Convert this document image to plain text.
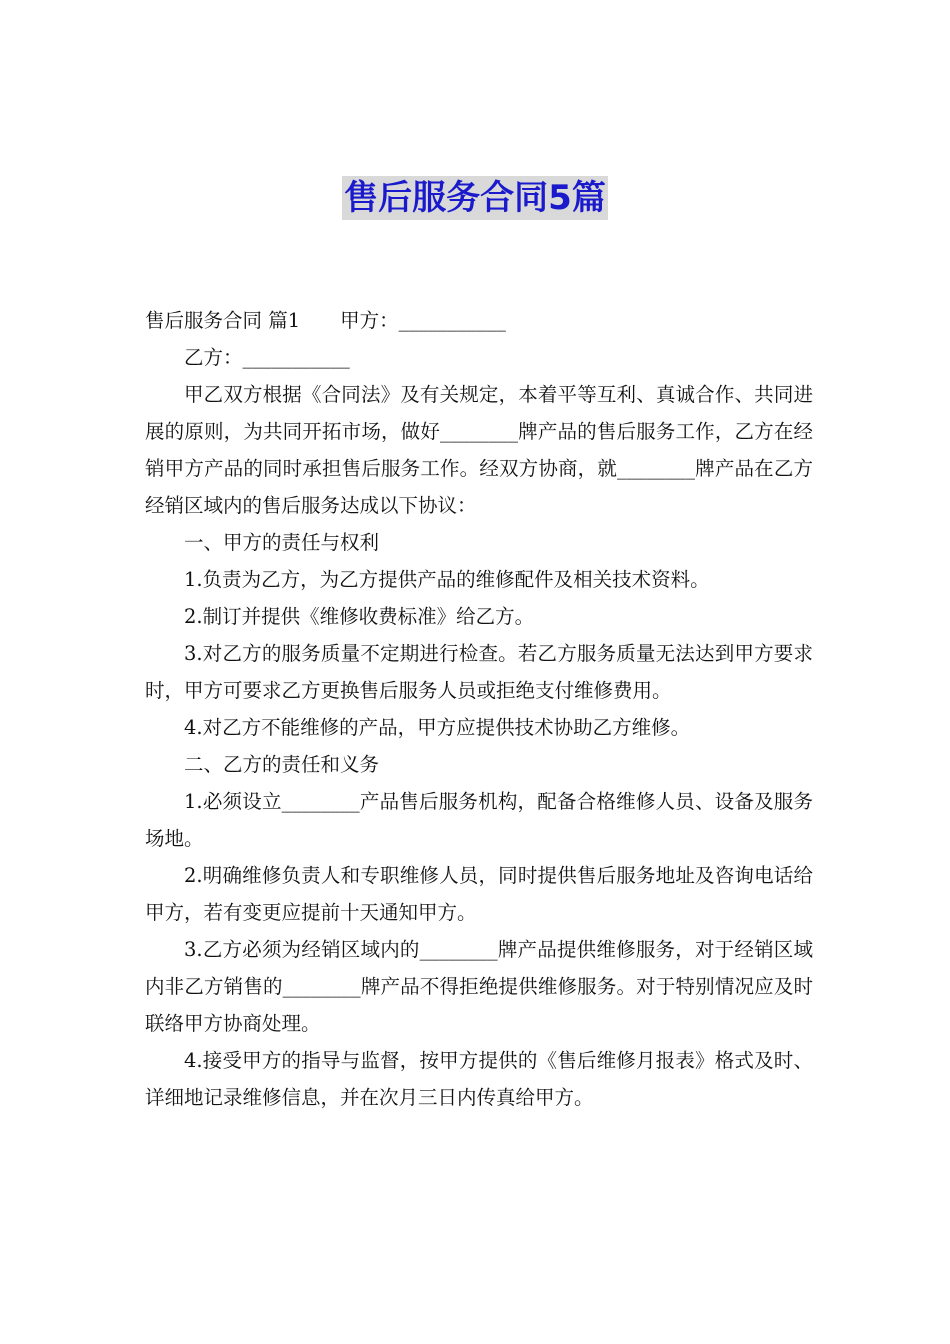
售后服务合同5篇

售后服务合同 篇1 甲方：___________

乙方：___________

甲乙双方根据《合同法》及有关规定，本着平等互利、真诚合作、共同进展的原则，为共同开拓市场，做好________牌产品的售后服务工作，乙方在经销甲方产品的同时承担售后服务工作。经双方协商，就________牌产品在乙方经销区域内的售后服务达成以下协议：

一、甲方的责任与权利

1.负责为乙方，为乙方提供产品的维修配件及相关技术资料。

2.制订并提供《维修收费标准》给乙方。

3.对乙方的服务质量不定期进行检查。若乙方服务质量无法达到甲方要求时，甲方可要求乙方更换售后服务人员或拒绝支付维修费用。

4.对乙方不能维修的产品，甲方应提供技术协助乙方维修。

二、乙方的责任和义务

1.必须设立________产品售后服务机构，配备合格维修人员、设备及服务场地。

2.明确维修负责人和专职维修人员，同时提供售后服务地址及咨询电话给甲方，若有变更应提前十天通知甲方。

3.乙方必须为经销区域内的________牌产品提供维修服务，对于经销区域内非乙方销售的________牌产品不得拒绝提供维修服务。对于特别情况应及时联络甲方协商处理。

4.接受甲方的指导与监督，按甲方提供的《售后维修月报表》格式及时、详细地记录维修信息，并在次月三日内传真给甲方。
